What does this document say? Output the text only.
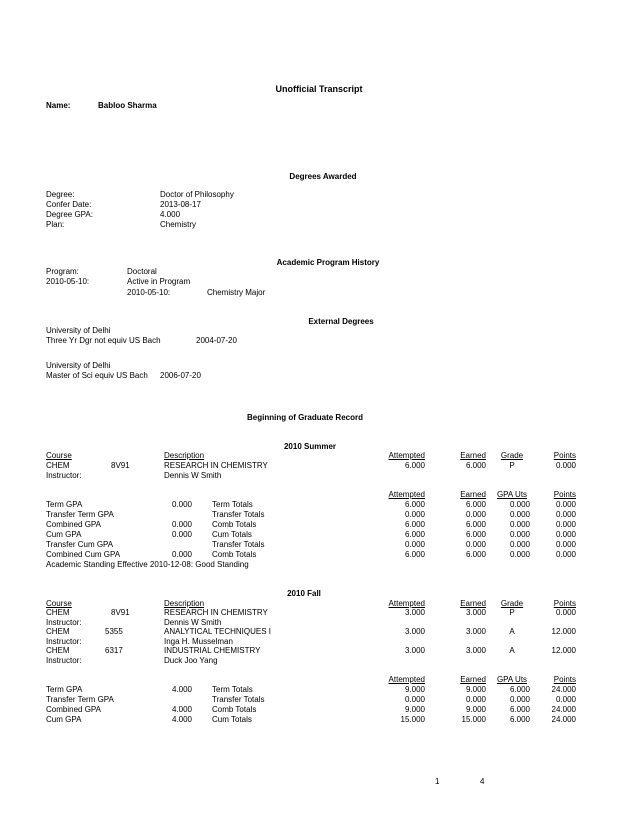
Unofficial Transcript
Name:	Babloo Sharma
Degrees Awarded
Degree:	Doctor of Philosophy
Confer Date:	2013-08-17
Degree GPA:	4.000
Plan:	Chemistry
Academic Program History
Program:	Doctoral
2010-05-10:	Active in Program
2010-05-10:	Chemistry Major
External Degrees
University of Delhi
Three Yr Dgr not equiv US Bach	2004-07-20
University of Delhi
Master of Sci equiv US Bach 2006-07-20
Beginning of Graduate Record
2010 Summer
Course	Description	Attempted	Earned	Grade	Points
CHEM	8V91	RESEARCH IN CHEMISTRY	6.000	6.000	P	0.000
Instructor:	Dennis W Smith
Attempted	Earned	GPA Uts	Points
Term GPA	0.000	Term Totals	6.000	6.000	0.000	0.000
Transfer Term GPA	Transfer Totals	0.000	0.000	0.000	0.000
Combined GPA	0.000	Comb Totals	6.000	6.000	0.000	0.000
Cum GPA	0.000	Cum Totals	6.000	6.000	0.000	0.000
Transfer Cum GPA	Transfer Totals	0.000	0.000	0.000	0.000
Combined Cum GPA	0.000	Comb Totals	6.000	6.000	0.000	0.000
Academic Standing Effective 2010-12-08: Good Standing
2010 Fall
Course	Description	Attempted	Earned	Grade	Points
CHEM	8V91	RESEARCH IN CHEMISTRY	3.000	3.000	P	0.000
Instructor:	Dennis W Smith
CHEM	5355	ANALYTICAL TECHNIQUES I	3.000	3.000	A	12.000
Instructor:	Inga H. Musselman
CHEM	6317	INDUSTRIAL CHEMISTRY	3.000	3.000	A	12.000
Instructor:	Duck Joo Yang
Attempted	Earned	GPA Uts	Points
Term GPA	4.000	Term Totals	9.000	9.000	6.000	24.000
Transfer Term GPA	Transfer Totals	0.000	0.000	0.000	0.000
Combined GPA	4.000	Comb Totals	9.000	9.000	6.000	24.000
Cum GPA	4.000	Cum Totals	15.000	15.000	6.000	24.000
1	4
